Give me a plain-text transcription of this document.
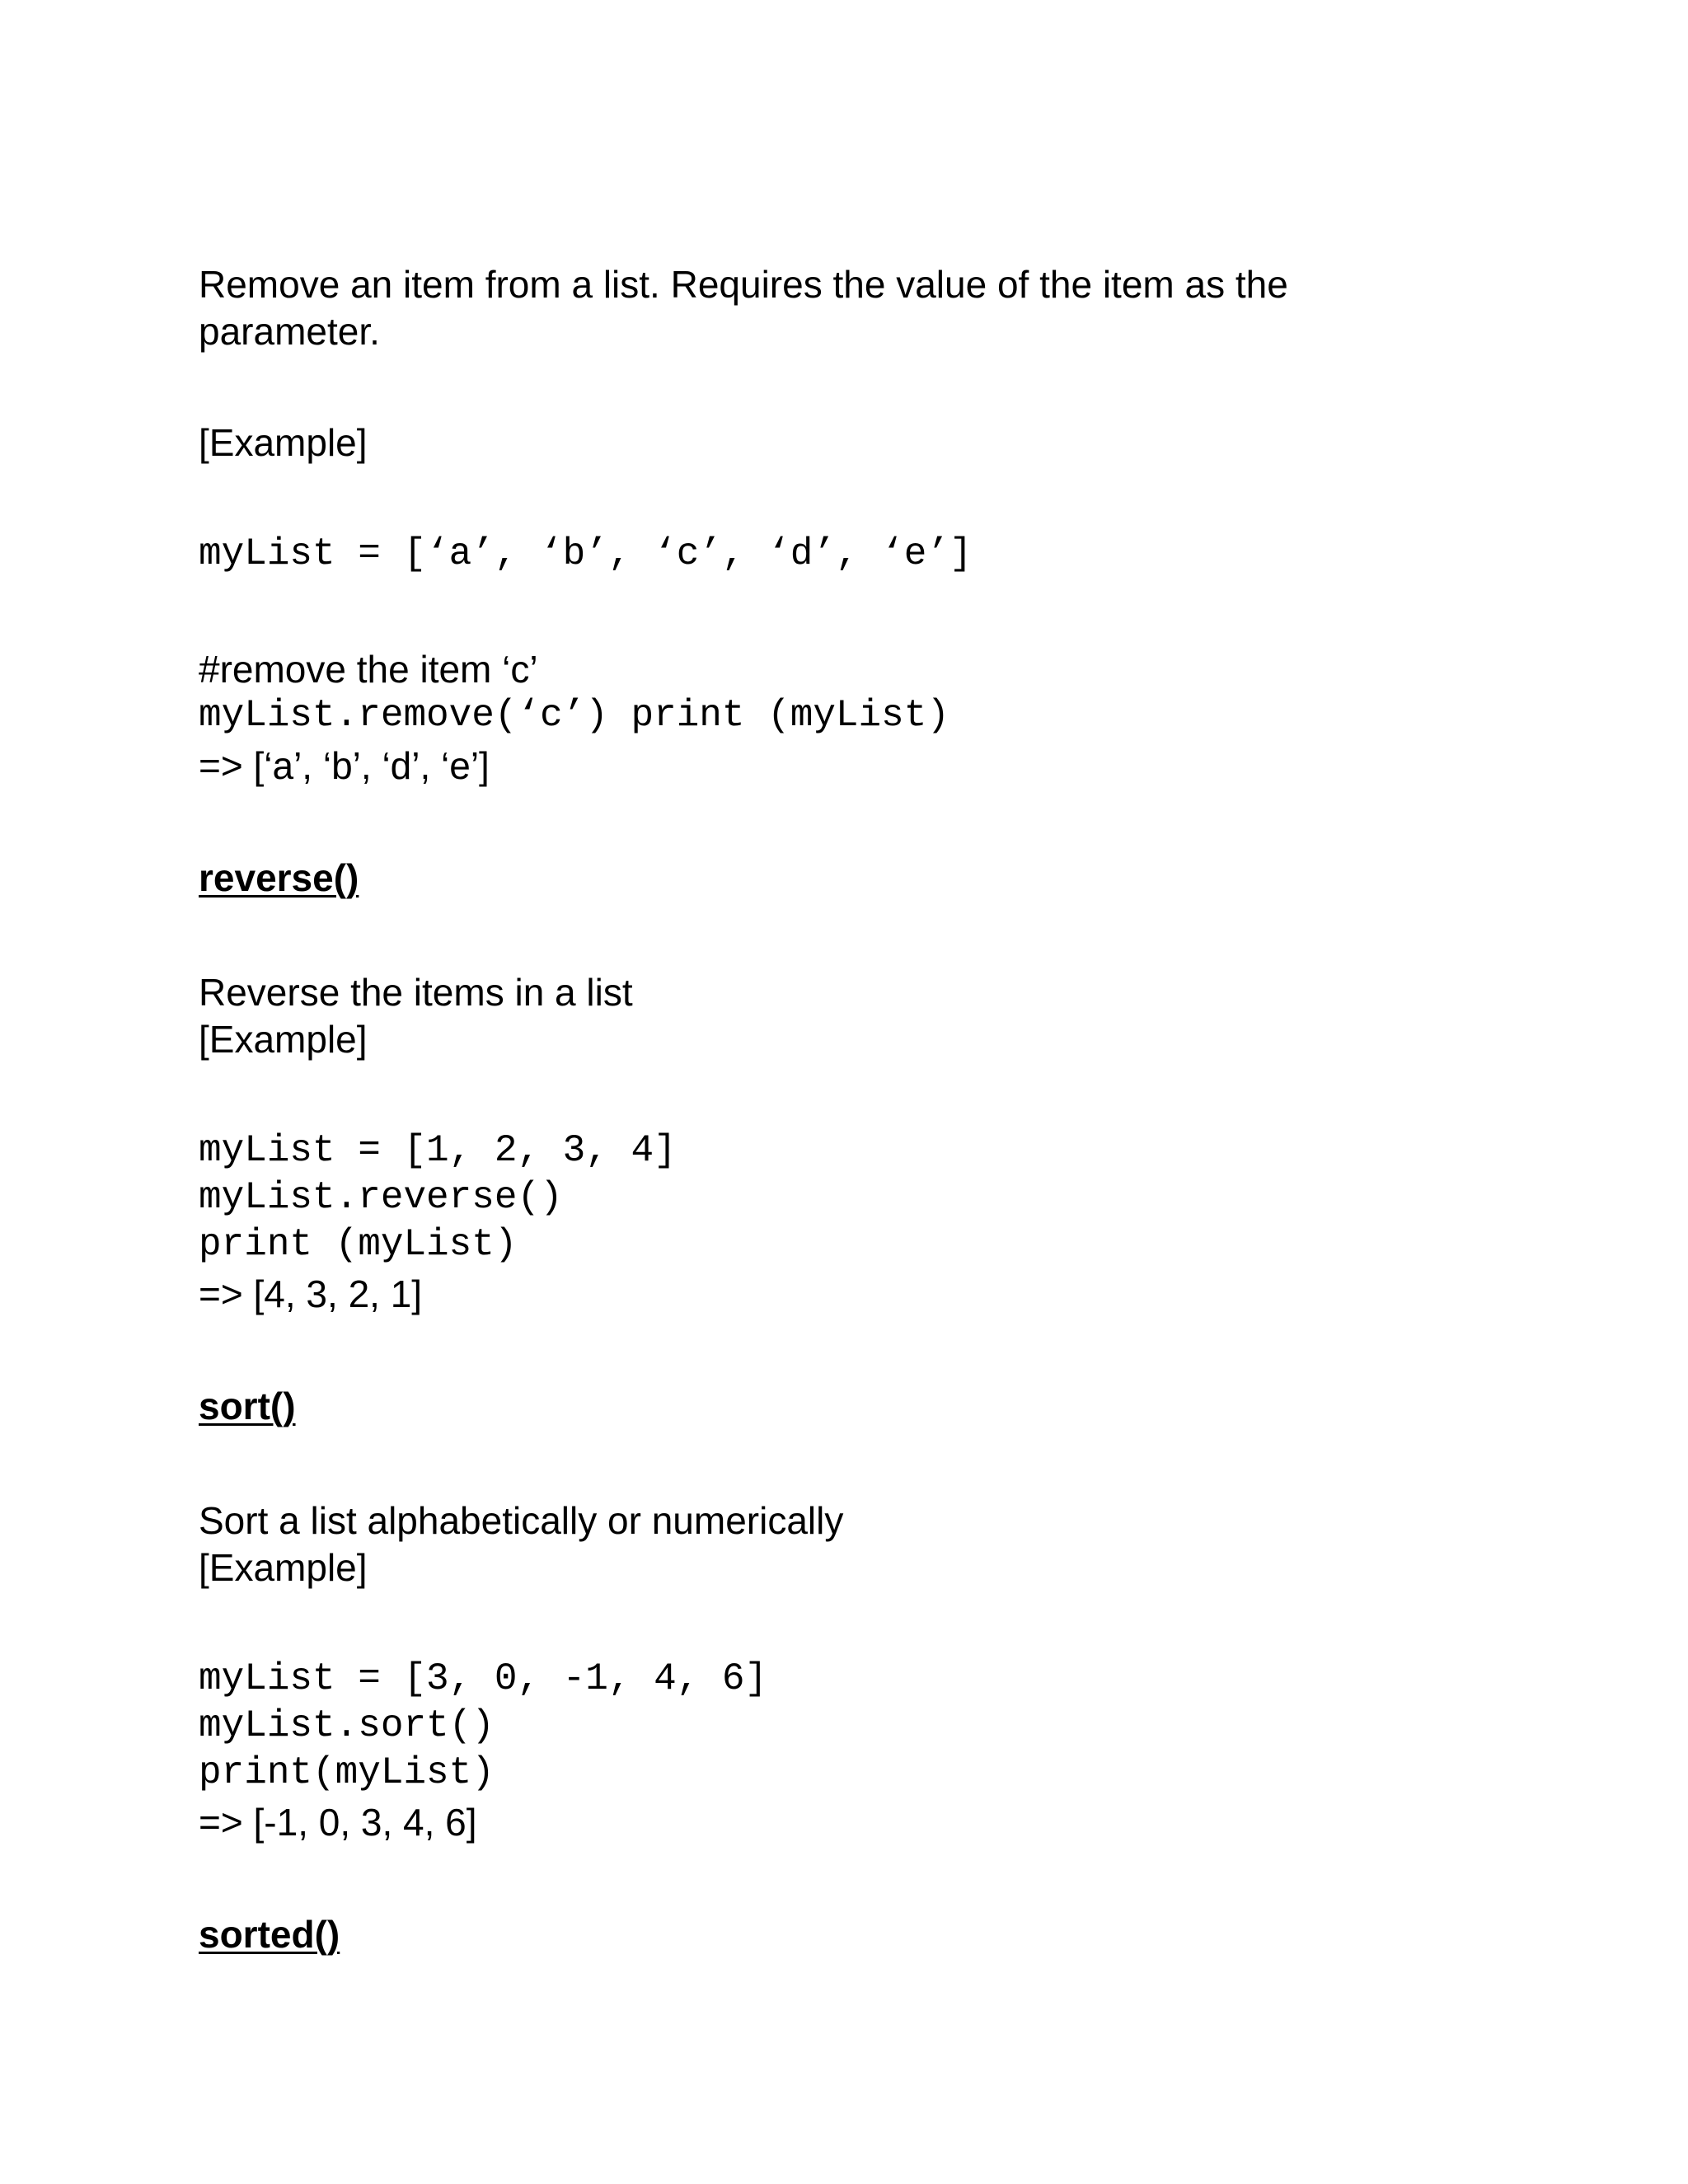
Remove an item from a list. Requires the value of the item as the

parameter.

[Example]

myList = [‘a’, ‘b’, ‘c’, ‘d’, ‘e’]

#remove the item ‘c’

myList.remove(‘c’) print (myList)

=> [‘a’, ‘b’, ‘d’, ‘e’]

reverse()

Reverse the items in a list

[Example]

myList = [1, 2, 3, 4]

myList.reverse()

print (myList)

=> [4, 3, 2, 1]

sort()

Sort a list alphabetically or numerically

[Example]

myList = [3, 0, -1, 4, 6]

myList.sort()

print(myList)

=> [-1, 0, 3, 4, 6]

sorted()
